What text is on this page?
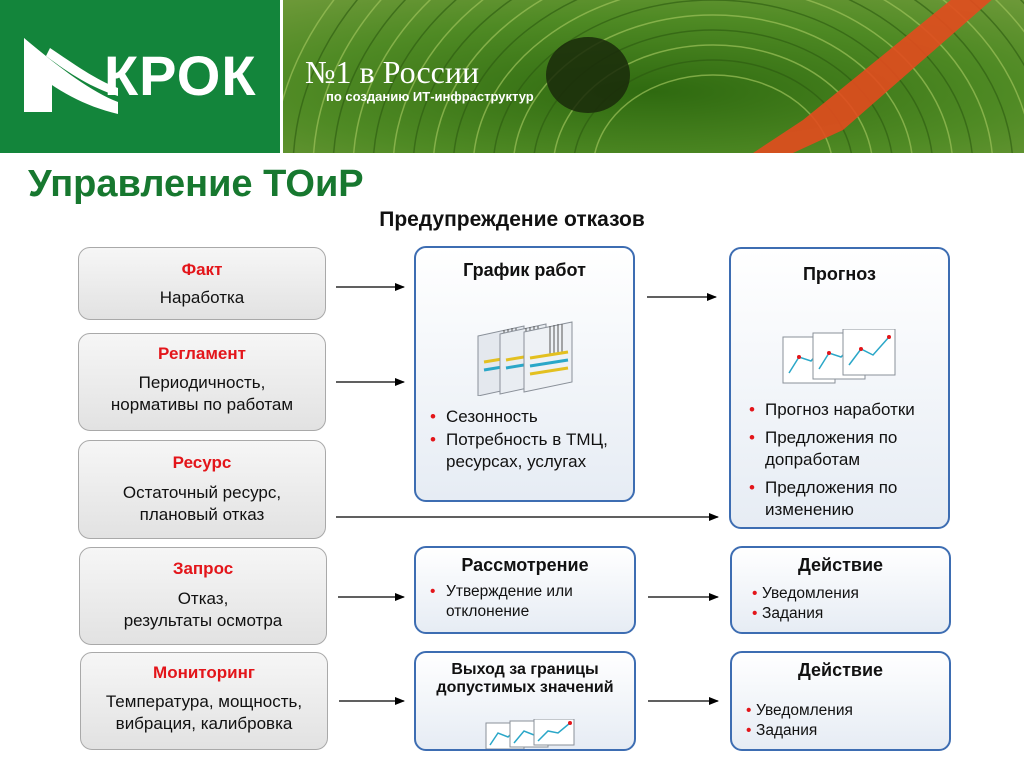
КРОК №1 в России
по созданию ИТ-инфраструктур
Управление ТОиР
Предупреждение отказов
Факт
Наработка
Регламент
Периодичность,
нормативы по работам
Ресурс
Остаточный ресурс,
плановый отказ
Запрос
Отказ,
результаты осмотра
Мониторинг
Температура, мощность,
вибрация, калибровка
График работ
• Сезонность
• Потребность в ТМЦ, ресурсах, услугах
Рассмотрение
• Утверждение или отклонение
Выход за границы допустимых значений
Прогноз
• Прогноз наработки
• Предложения по допработам
• Предложения по изменению
Действие
• Уведомления
• Задания
Действие
• Уведомления
• Задания
